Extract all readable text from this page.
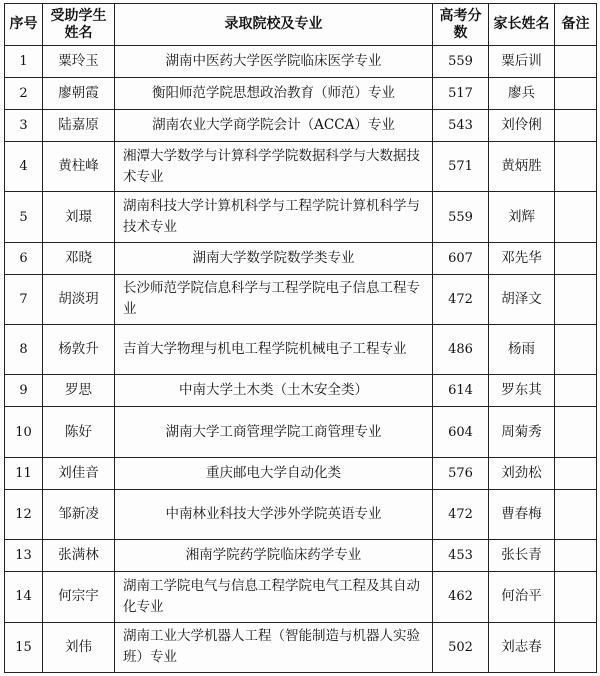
序号	受助学生姓名	录取院校及专业	高考分数	家长姓名	备注
1	粟玲玉	湖南中医药大学医学院临床医学专业	559	粟后训	
2	廖朝霞	衡阳师范学院思想政治教育（师范）专业	517	廖兵	
3	陆嘉原	湖南农业大学商学院会计（ACCA）专业	543	刘伶俐	
4	黄柱峰	湘潭大学数学与计算科学学院数据科学与大数据技术专业	571	黄炳胜	
5	刘璟	湖南科技大学计算机科学与工程学院计算机科学与技术专业	559	刘辉	
6	邓晓	湖南大学数学院数学类专业	607	邓先华	
7	胡淡玥	长沙师范学院信息科学与工程学院电子信息工程专业	472	胡泽文	
8	杨敦升	吉首大学物理与机电工程学院机械电子工程专业	486	杨雨	
9	罗思	中南大学土木类（土木安全类）	614	罗东其	
10	陈好	湖南大学工商管理学院工商管理专业	604	周菊秀	
11	刘佳音	重庆邮电大学自动化类	576	刘劲松	
12	邹新凌	中南林业科技大学涉外学院英语专业	472	曹春梅	
13	张满林	湘南学院药学院临床药学专业	453	张长青	
14	何宗宇	湖南工学院电气与信息工程学院电气工程及其自动化专业	462	何治平	
15	刘伟	湖南工业大学机器人工程（智能制造与机器人实验班）专业	502	刘志春	
